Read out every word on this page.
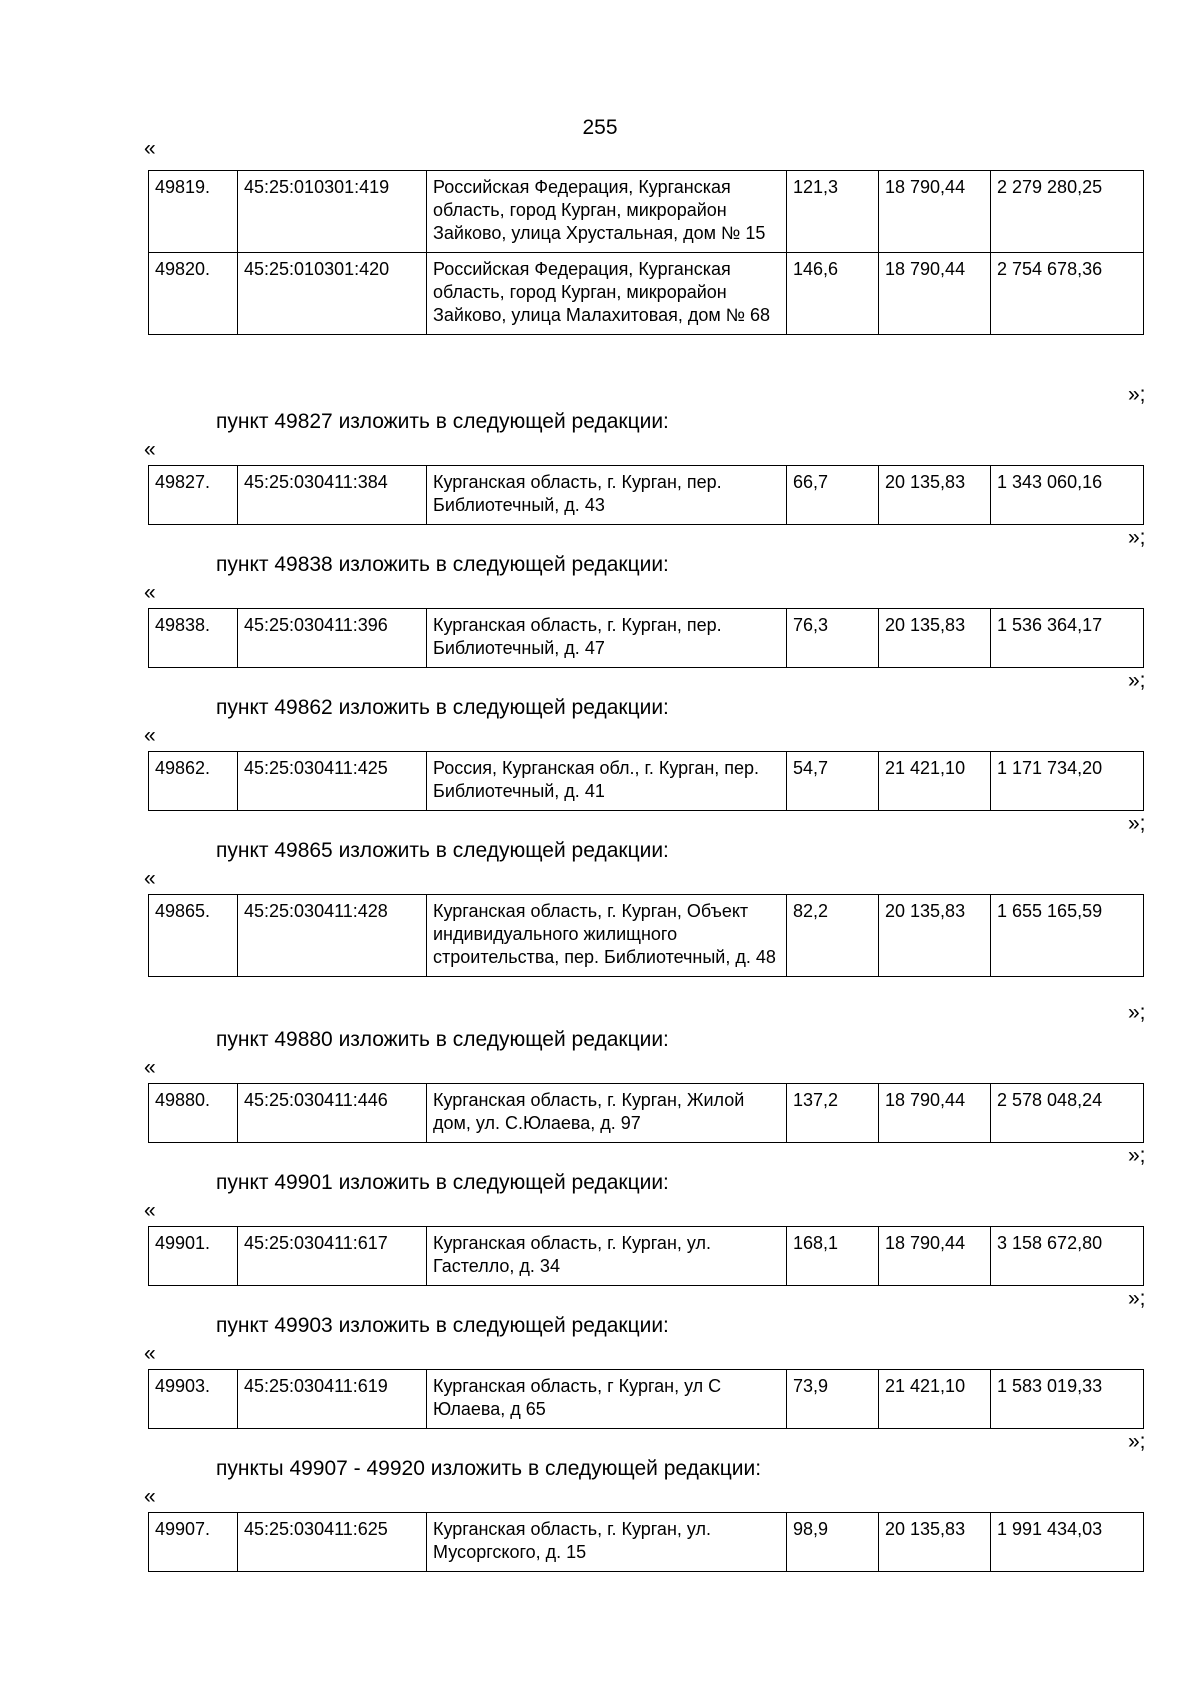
255
«
49819.	45:25:010301:419	Российская Федерация, Курганская область, город Курган, микрорайон Зайково, улица Хрустальная, дом № 15	121,3	18 790,44	2 279 280,25
49820.	45:25:010301:420	Российская Федерация, Курганская область, город Курган, микрорайон Зайково, улица Малахитовая, дом № 68	146,6	18 790,44	2 754 678,36
»;
пункт 49827 изложить в следующей редакции:
«
49827.	45:25:030411:384	Курганская область, г. Курган, пер. Библиотечный, д. 43	66,7	20 135,83	1 343 060,16
»;
пункт 49838 изложить в следующей редакции:
«
49838.	45:25:030411:396	Курганская область, г. Курган, пер. Библиотечный, д. 47	76,3	20 135,83	1 536 364,17
»;
пункт 49862 изложить в следующей редакции:
«
49862.	45:25:030411:425	Россия, Курганская обл., г. Курган, пер. Библиотечный, д. 41	54,7	21 421,10	1 171 734,20
»;
пункт 49865 изложить в следующей редакции:
«
49865.	45:25:030411:428	Курганская область, г. Курган, Объект индивидуального жилищного строительства, пер. Библиотечный, д. 48	82,2	20 135,83	1 655 165,59
»;
пункт 49880 изложить в следующей редакции:
«
49880.	45:25:030411:446	Курганская область, г. Курган, Жилой дом, ул. С.Юлаева, д. 97	137,2	18 790,44	2 578 048,24
»;
пункт 49901 изложить в следующей редакции:
«
49901.	45:25:030411:617	Курганская область, г. Курган, ул. Гастелло, д. 34	168,1	18 790,44	3 158 672,80
»;
пункт 49903 изложить в следующей редакции:
«
49903.	45:25:030411:619	Курганская область, г Курган, ул С Юлаева, д 65	73,9	21 421,10	1 583 019,33
»;
пункты 49907 - 49920 изложить в следующей редакции:
«
49907.	45:25:030411:625	Курганская область, г. Курган, ул. Мусоргского, д. 15	98,9	20 135,83	1 991 434,03
